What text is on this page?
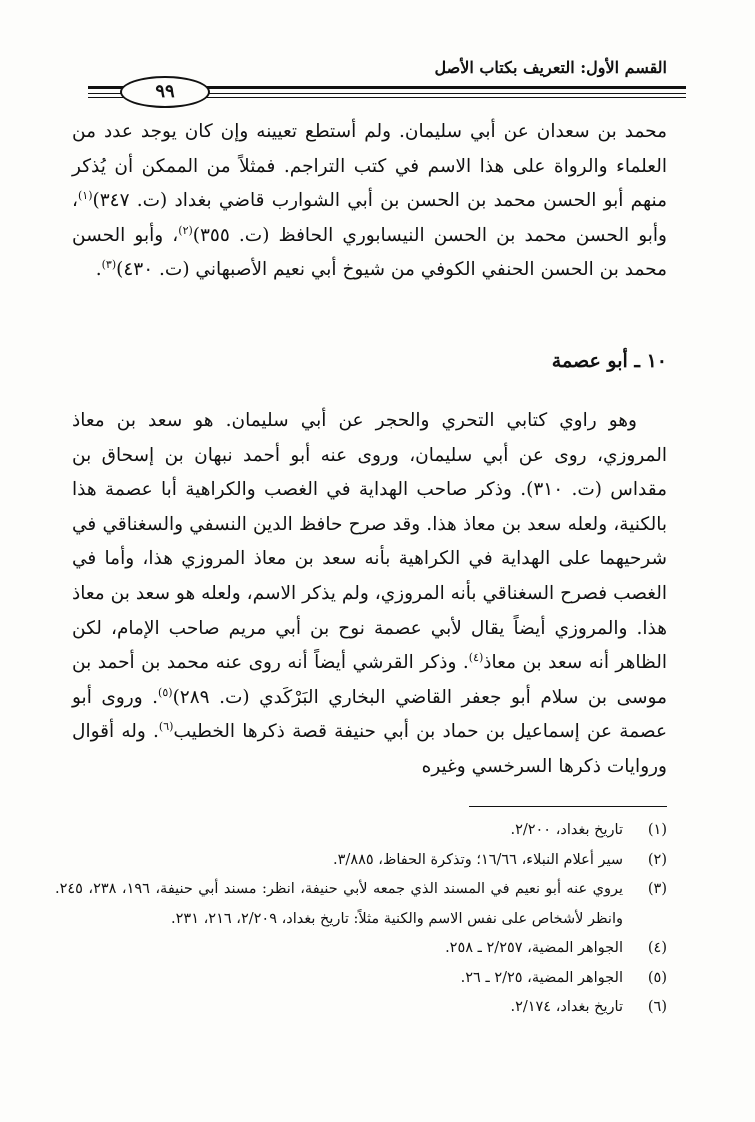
القسم الأول: التعريف بكتاب الأصل
٩٩

محمد بن سعدان عن أبي سليمان. ولم أستطع تعيينه وإن كان يوجد عدد من العلماء والرواة على هذا الاسم في كتب التراجم. فمثلاً من الممكن أن يُذكر منهم أبو الحسن محمد بن الحسن بن أبي الشوارب قاضي بغداد (ت. ٣٤٧)$^{(١)}$، وأبو الحسن محمد بن الحسن النيسابوري الحافظ (ت. ٣٥٥)$^{(٢)}$، وأبو الحسن محمد بن الحسن الحنفي الكوفي من شيوخ أبي نعيم الأصبهاني (ت. ٤٣٠)$^{(٣)}$.

١٠ ـ أبو عصمة

وهو راوي كتابي التحري والحجر عن أبي سليمان. هو سعد بن معاذ المروزي، روى عن أبي سليمان، وروى عنه أبو أحمد نبهان بن إسحاق بن مقداس (ت. ٣١٠). وذكر صاحب الهداية في الغصب والكراهية أبا عصمة هذا بالكنية، ولعله سعد بن معاذ هذا. وقد صرح حافظ الدين النسفي والسغناقي في شرحيهما على الهداية في الكراهية بأنه سعد بن معاذ المروزي هذا، وأما في الغصب فصرح السغناقي بأنه المروزي، ولم يذكر الاسم، ولعله هو سعد بن معاذ هذا. والمروزي أيضاً يقال لأبي عصمة نوح بن أبي مريم صاحب الإمام، لكن الظاهر أنه سعد بن معاذ$^{(٤)}$. وذكر القرشي أيضاً أنه روى عنه محمد بن أحمد بن موسى بن سلام أبو جعفر القاضي البخاري البَرْكَدي (ت. ٢٨٩)$^{(٥)}$. وروى أبو عصمة عن إسماعيل بن حماد بن أبي حنيفة قصة ذكرها الخطيب$^{(٦)}$. وله أقوال وروايات ذكرها السرخسي وغيره

(١)
تاريخ بغداد، ٢/٢٠٠.
(٢)
سير أعلام النبلاء، ١٦/٦٦؛ وتذكرة الحفاظ، ٣/٨٨٥.
(٣)
يروي عنه أبو نعيم في المسند الذي جمعه لأبي حنيفة، انظر: مسند أبي حنيفة، ١٩٦، ٢٣٨، ٢٤٥. وانظر لأشخاص على نفس الاسم والكنية مثلاً: تاريخ بغداد، ٢/٢٠٩، ٢١٦، ٢٣١.
(٤)
الجواهر المضية، ٢/٢٥٧ ـ ٢٥٨.
(٥)
الجواهر المضية، ٢/٢٥ ـ ٢٦.
(٦)
تاريخ بغداد، ٢/١٧٤.
